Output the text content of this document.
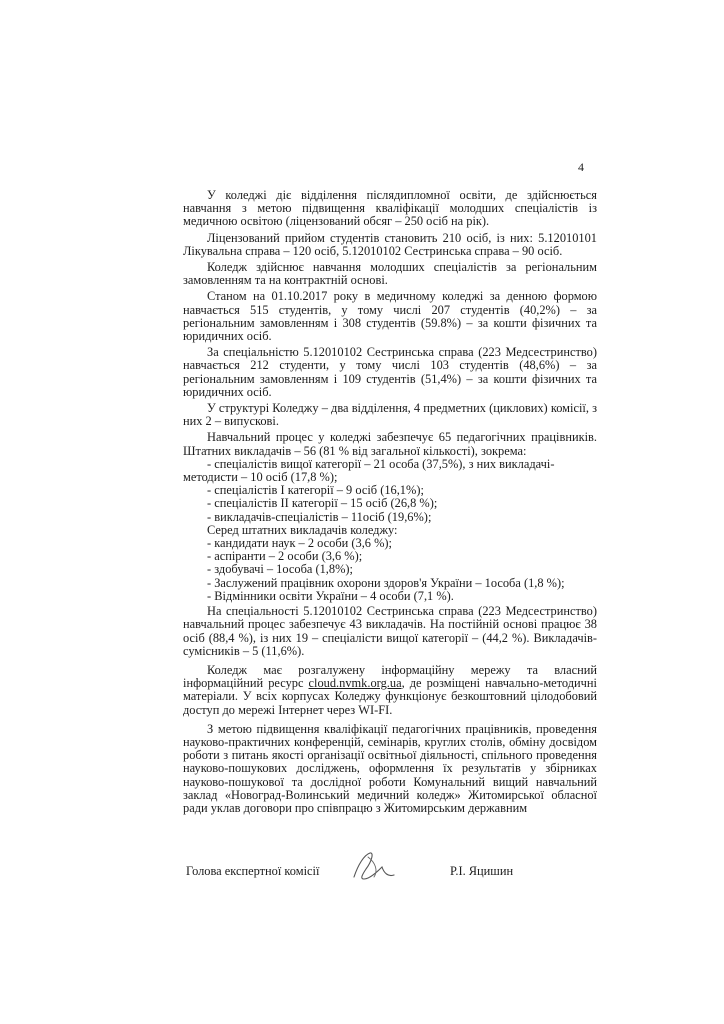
4

У коледжі діє відділення післядипломної освіти, де здійснюється навчання з метою підвищення кваліфікації молодших спеціалістів із медичною освітою (ліцензований обсяг – 250 осіб на рік).

Ліцензований прийом студентів становить 210 осіб, із них: 5.12010101 Лікувальна справа – 120 осіб, 5.12010102 Сестринська справа – 90 осіб.

Коледж здійснює навчання молодших спеціалістів за регіональним замовленням та на контрактній основі.

Станом на 01.10.2017 року в медичному коледжі за денною формою навчається 515 студентів, у тому числі 207 студентів (40,2%) – за регіональним замовленням і 308 студентів (59.8%) – за кошти фізичних та юридичних осіб.

За спеціальністю 5.12010102 Сестринська справа (223 Медсестринство) навчається 212 студенти, у тому числі 103 студентів (48,6%) – за регіональним замовленням і 109 студентів (51,4%) – за кошти фізичних та юридичних осіб.

У структурі Коледжу – два відділення, 4 предметних (циклових) комісії, з них 2 – випускові.

Навчальний процес у коледжі забезпечує 65 педагогічних працівників. Штатних викладачів – 56 (81 % від загальної кількості), зокрема:

- спеціалістів вищої категорії – 21 особа (37,5%), з них викладачі-методисти – 10 осіб (17,8 %);

- спеціалістів І категорії – 9 осіб (16,1%);

- спеціалістів ІІ категорії – 15 осіб (26,8 %);

- викладачів-спеціалістів – 11осіб (19,6%);

Серед штатних викладачів коледжу:

- кандидати наук – 2 особи (3,6 %);

- аспіранти – 2 особи (3,6 %);

- здобувачі – 1особа (1,8%);

- Заслужений працівник охорони здоров'я України – 1особа (1,8 %);

- Відмінники освіти України – 4 особи (7,1 %).

На спеціальності 5.12010102 Сестринська справа (223 Медсестринство) навчальний процес забезпечує 43 викладачів. На постійній основі працює 38 осіб (88,4 %), із них 19 – спеціалісти вищої категорії – (44,2 %). Викладачів-сумісників – 5 (11,6%).

Коледж має розгалужену інформаційну мережу та власний інформаційний ресурс cloud.nvmk.org.ua, де розміщені навчально-методичні матеріали. У всіх корпусах Коледжу функціонує безкоштовний цілодобовий доступ до мережі Інтернет через WI-FI.

З метою підвищення кваліфікації педагогічних працівників, проведення науково-практичних конференцій, семінарів, круглих столів, обміну досвідом роботи з питань якості організації освітньої діяльності, спільного проведення науково-пошукових досліджень, оформлення їх результатів у збірниках науково-пошукової та дослідної роботи Комунальний вищий навчальний заклад «Новоград-Волинський медичний коледж» Житомирської обласної ради уклав договори про співпрацю з Житомирським державним

Голова експертної комісії	Р.І. Яцишин
